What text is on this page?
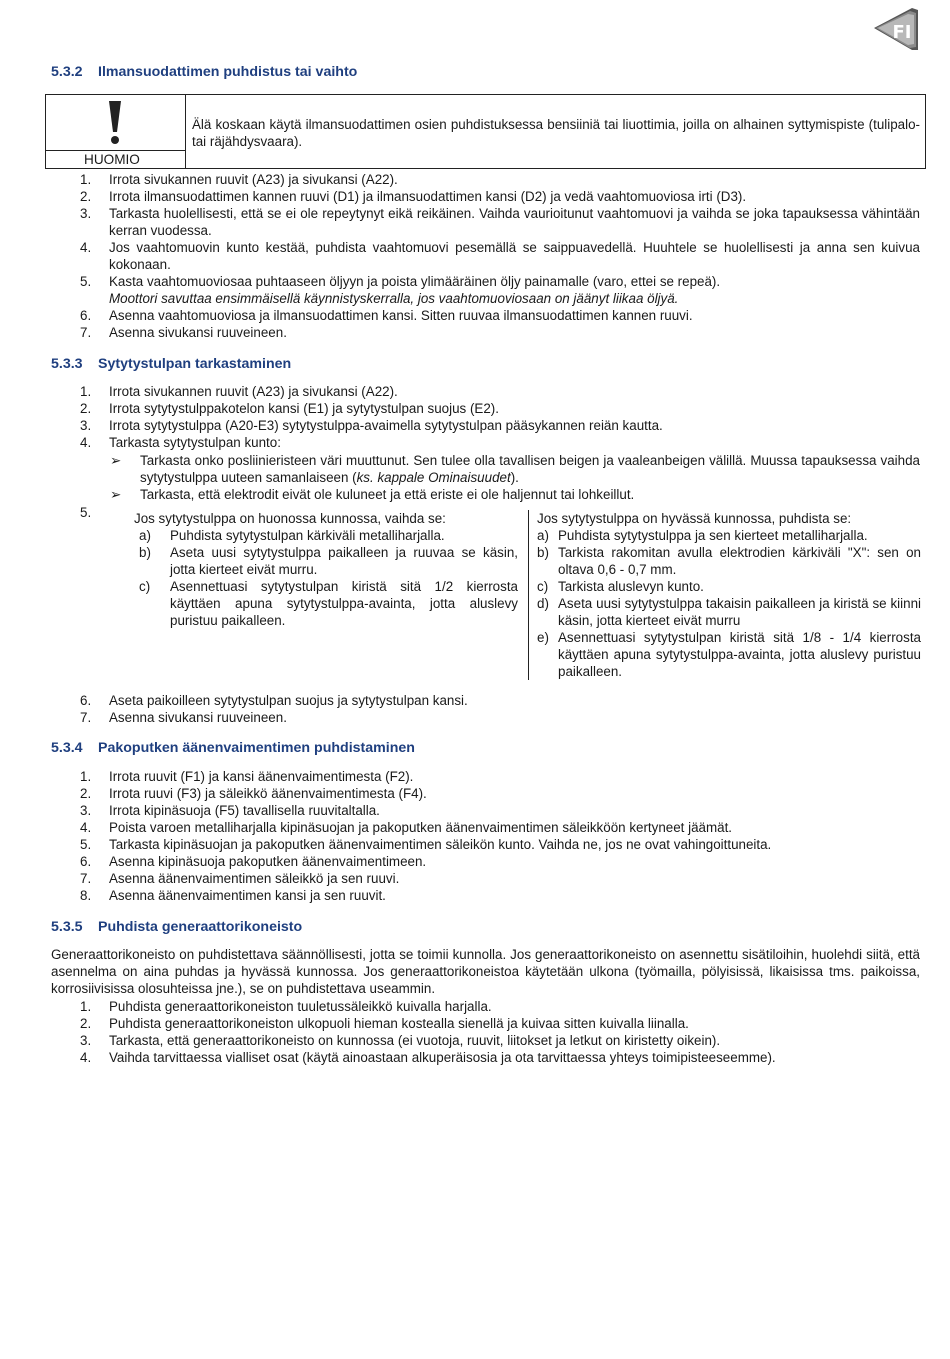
FI
5.3.2 Ilmansuodattimen puhdistus tai vaihto
HUOMIO
Älä koskaan käytä ilmansuodattimen osien puhdistuksessa bensiiniä tai liuottimia, joilla on alhainen syttymispiste (tulipalo- tai räjähdysvaara).
1.	Irrota sivukannen ruuvit (A23) ja sivukansi (A22).
2.	Irrota ilmansuodattimen kannen ruuvi (D1) ja ilmansuodattimen kansi (D2) ja vedä vaahtomuoviosa irti (D3).
3.	Tarkasta huolellisesti, että se ei ole repeytynyt eikä reikäinen. Vaihda vaurioitunut vaahtomuovi ja vaihda se joka tapauksessa vähintään kerran vuodessa.
4.	Jos vaahtomuovin kunto kestää, puhdista vaahtomuovi pesemällä se saippuavedellä. Huuhtele se huolellisesti ja anna sen kuivua kokonaan.
5.	Kasta vaahtomuoviosaa puhtaaseen öljyyn ja poista ylimääräinen öljy painamalle (varo, ettei se repeä).
Moottori savuttaa ensimmäisellä käynnistyskerralla, jos vaahtomuoviosaan on jäänyt liikaa öljyä.
6.	Asenna vaahtomuoviosa ja ilmansuodattimen kansi. Sitten ruuvaa ilmansuodattimen kannen ruuvi.
7.	Asenna sivukansi ruuveineen.
5.3.3 Sytytystulpan tarkastaminen
1.	Irrota sivukannen ruuvit (A23) ja sivukansi (A22).
2.	Irrota sytytystulppakotelon kansi (E1) ja sytytystulpan suojus (E2).
3.	Irrota sytytystulppa (A20-E3) sytytystulppa-avaimella sytytystulpan pääsykannen reiän kautta.
4.	Tarkasta sytytystulpan kunto:
➢	Tarkasta onko posliinieristeen väri muuttunut. Sen tulee olla tavallisen beigen ja vaaleanbeigen välillä. Muussa tapauksessa vaihda sytytystulppa uuteen samanlaiseen (ks. kappale Ominaisuudet).
➢	Tarkasta, että elektrodit eivät ole kuluneet ja että eriste ei ole haljennut tai lohkeillut.
5.	Jos sytytystulppa on huonossa kunnossa, vaihda se:
a) Puhdista sytytystulpan kärkiväli metalliharjalla.
b) Aseta uusi sytytystulppa paikalleen ja ruuvaa se käsin, jotta kierteet eivät murru.
c) Asennettuasi sytytystulpan kiristä sitä 1/2 kierrosta käyttäen apuna sytytystulppa-avainta, jotta aluslevy puristuu paikalleen.
Jos sytytystulppa on hyvässä kunnossa, puhdista se:
a) Puhdista sytytystulppa ja sen kierteet metalliharjalla.
b) Tarkista rakomitan avulla elektrodien kärkiväli "X": sen on oltava 0,6 - 0,7 mm.
c) Tarkista aluslevyn kunto.
d) Aseta uusi sytytystulppa takaisin paikalleen ja kiristä se kiinni käsin, jotta kierteet eivät murru
e) Asennettuasi sytytystulpan kiristä sitä 1/8 - 1/4 kierrosta käyttäen apuna sytytystulppa-avainta, jotta aluslevy puristuu paikalleen.
6.	Aseta paikoilleen sytytystulpan suojus ja sytytystulpan kansi.
7.	Asenna sivukansi ruuveineen.
5.3.4 Pakoputken äänenvaimentimen puhdistaminen
1.	Irrota ruuvit (F1) ja kansi äänenvaimentimesta (F2).
2.	Irrota ruuvi (F3) ja säleikkö äänenvaimentimesta (F4).
3.	Irrota kipinäsuoja (F5) tavallisella ruuvitaltalla.
4.	Poista varoen metalliharjalla kipinäsuojan ja pakoputken äänenvaimentimen säleikköön kertyneet jäämät.
5.	Tarkasta kipinäsuojan ja pakoputken äänenvaimentimen säleikön kunto. Vaihda ne, jos ne ovat vahingoittuneita.
6.	Asenna kipinäsuoja pakoputken äänenvaimentimeen.
7.	Asenna äänenvaimentimen säleikkö ja sen ruuvi.
8.	Asenna äänenvaimentimen kansi ja sen ruuvit.
5.3.5 Puhdista generaattorikoneisto
Generaattorikoneisto on puhdistettava säännöllisesti, jotta se toimii kunnolla. Jos generaattorikoneisto on asennettu sisätiloihin, huolehdi siitä, että asennelma on aina puhdas ja hyvässä kunnossa. Jos generaattorikoneistoa käytetään ulkona (työmailla, pölyisissä, likaisissa tms. paikoissa, korrosiivisissa olosuhteissa jne.), se on puhdistettava useammin.
1.	Puhdista generaattorikoneiston tuuletussäleikkö kuivalla harjalla.
2.	Puhdista generaattorikoneiston ulkopuoli hieman kostealla sienellä ja kuivaa sitten kuivalla liinalla.
3.	Tarkasta, että generaattorikoneisto on kunnossa (ei vuotoja, ruuvit, liitokset ja letkut on kiristetty oikein).
4.	Vaihda tarvittaessa vialliset osat (käytä ainoastaan alkuperäisosia ja ota tarvittaessa yhteys toimipisteeseemme).
